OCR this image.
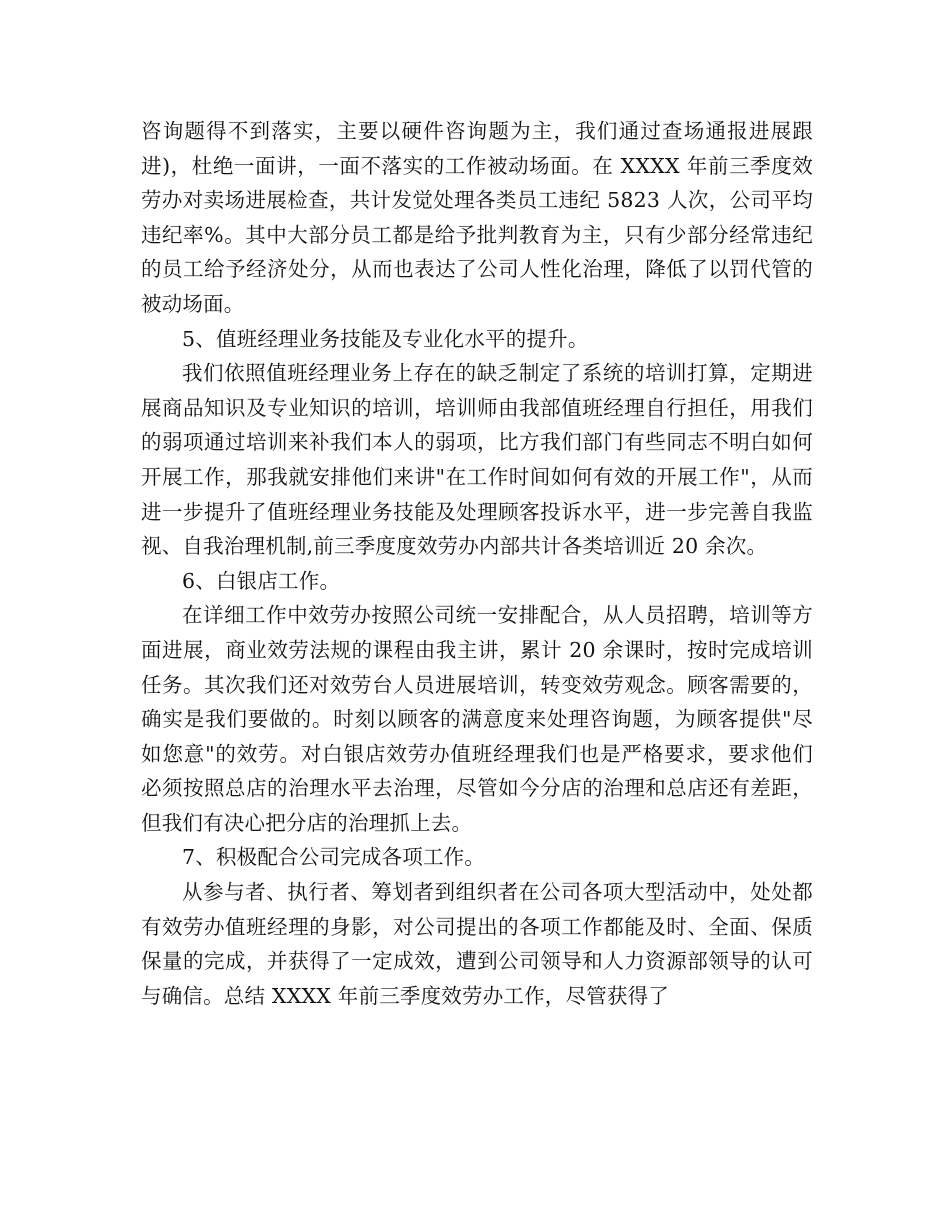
咨询题得不到落实，主要以硬件咨询题为主，我们通过查场通报进展跟进)，杜绝一面讲，一面不落实的工作被动场面。在 XXXX 年前三季度效劳办对卖场进展检查，共计发觉处理各类员工违纪 5823 人次，公司平均违纪率%。其中大部分员工都是给予批判教育为主，只有少部分经常违纪的员工给予经济处分，从而也表达了公司人性化治理，降低了以罚代管的被动场面。

5、值班经理业务技能及专业化水平的提升。

我们依照值班经理业务上存在的缺乏制定了系统的培训打算，定期进展商品知识及专业知识的培训，培训师由我部值班经理自行担任，用我们的弱项通过培训来补我们本人的弱项，比方我们部门有些同志不明白如何开展工作，那我就安排他们来讲"在工作时间如何有效的开展工作"，从而进一步提升了值班经理业务技能及处理顾客投诉水平，进一步完善自我监视、自我治理机制,前三季度度效劳办内部共计各类培训近 20 余次。

6、白银店工作。

在详细工作中效劳办按照公司统一安排配合，从人员招聘，培训等方面进展，商业效劳法规的课程由我主讲，累计 20 余课时，按时完成培训任务。其次我们还对效劳台人员进展培训，转变效劳观念。顾客需要的，确实是我们要做的。时刻以顾客的满意度来处理咨询题，为顾客提供"尽如您意"的效劳。对白银店效劳办值班经理我们也是严格要求，要求他们必须按照总店的治理水平去治理，尽管如今分店的治理和总店还有差距，但我们有决心把分店的治理抓上去。

7、积极配合公司完成各项工作。

从参与者、执行者、筹划者到组织者在公司各项大型活动中，处处都有效劳办值班经理的身影，对公司提出的各项工作都能及时、全面、保质保量的完成，并获得了一定成效，遭到公司领导和人力资源部领导的认可与确信。总结 XXXX 年前三季度效劳办工作，尽管获得了
